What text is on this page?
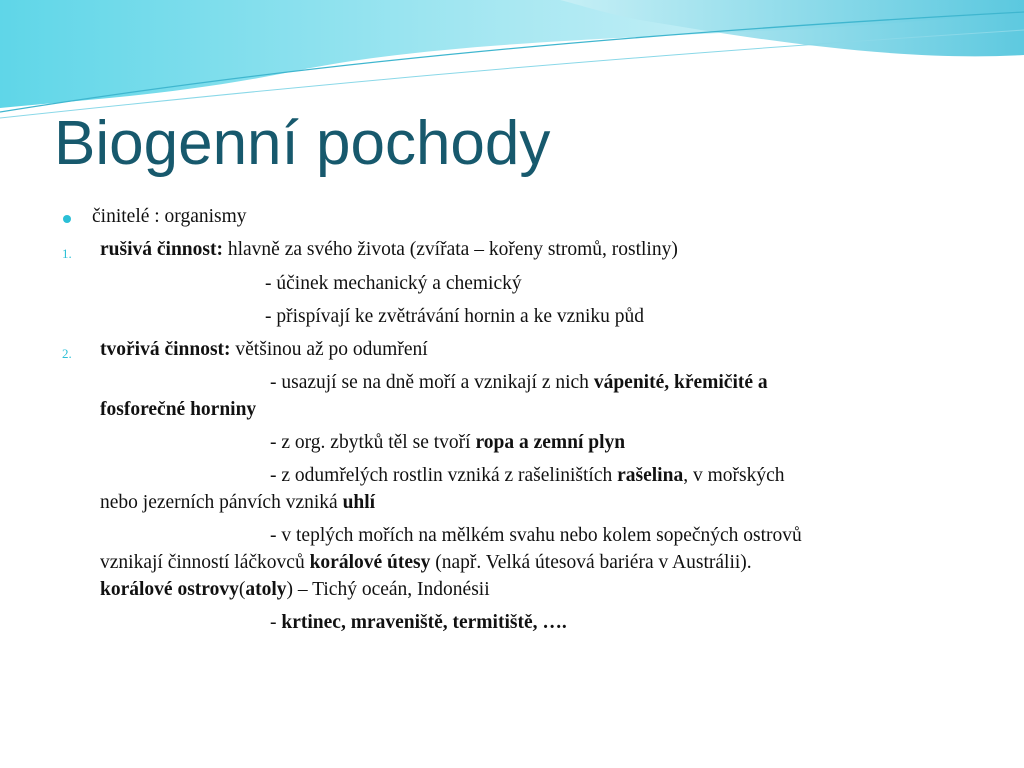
Biogenní pochody
činitelé : organismy
1. rušivá činnost: hlavně za svého života (zvířata – kořeny stromů, rostliny)
- účinek mechanický a chemický
- přispívají ke zvětrávání hornin a ke vzniku půd
2. tvořivá činnost: většinou až po odumření
- usazují se na dně moří a vznikají z nich vápenité, křemičité a
fosforečné horniny
- z org. zbytků těl se tvoří ropa a zemní plyn
- z odumřelých rostlin vzniká z rašeliništích rašelina, v mořských
nebo jezerních pánvích vzniká uhlí
- v teplých mořích na mělkém svahu nebo kolem sopečných ostrovů
vznikají činností láčkovců korálové útesy (např. Velká útesová bariéra v Austrálii).
korálové ostrovy(atoly) – Tichý oceán, Indonésii
- krtinec, mraveniště, termitiště, ….
